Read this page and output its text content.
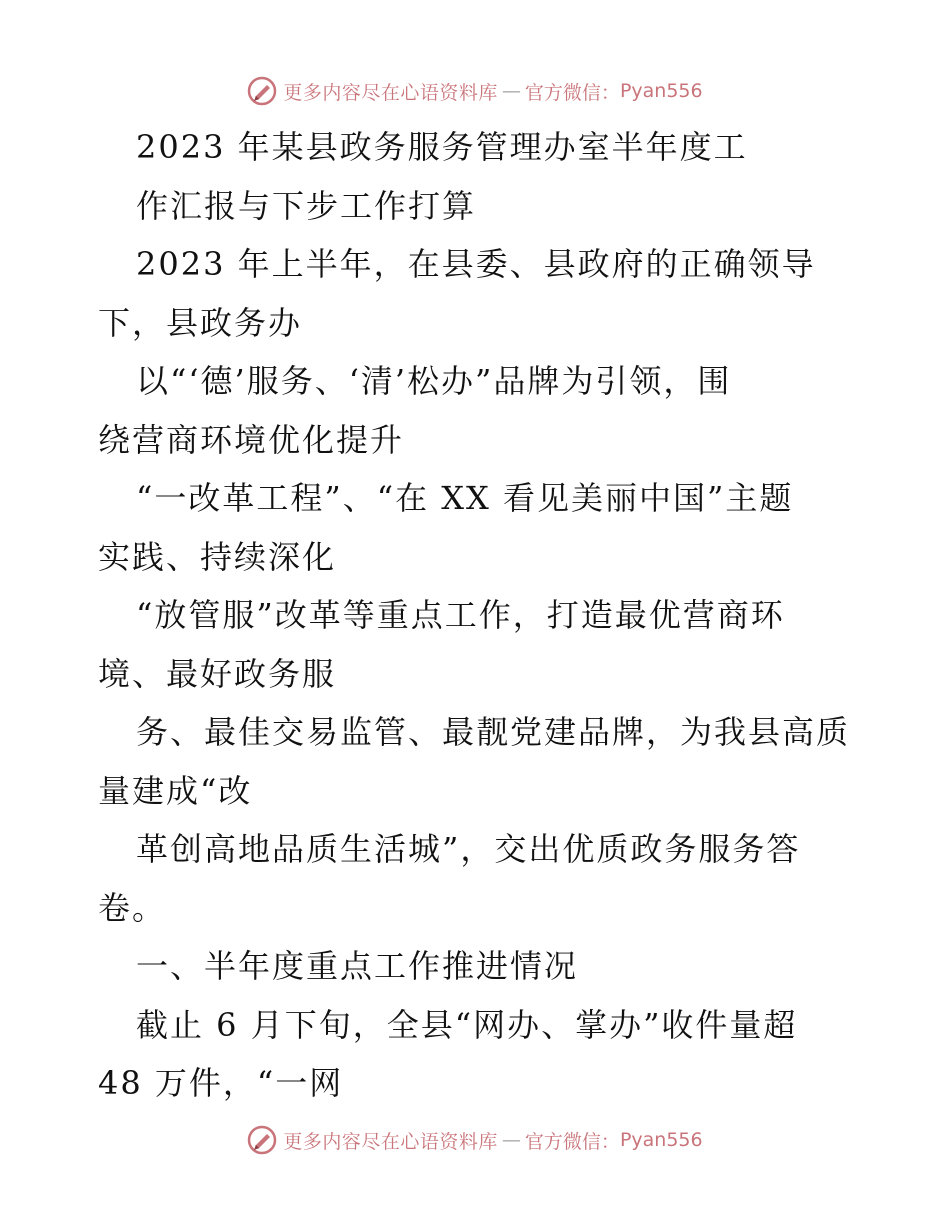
更多内容尽在心语资料库 — 官方微信： Pyan556
2023 年某县政务服务管理办室半年度工
作汇报与下步工作打算
2023 年上半年，在县委、县政府的正确领导
下，县政务办
以“‘德’服务、‘清’松办”品牌为引领，围
绕营商环境优化提升
“一改革工程”、“在 XX 看见美丽中国”主题
实践、持续深化
“放管服”改革等重点工作，打造最优营商环
境、最好政务服
务、最佳交易监管、最靓党建品牌，为我县高质
量建成“改
革创高地品质生活城”，交出优质政务服务答
卷。
一、半年度重点工作推进情况
截止 6 月下旬，全县“网办、掌办”收件量超
48 万件，“一网
更多内容尽在心语资料库 — 官方微信： Pyan556
